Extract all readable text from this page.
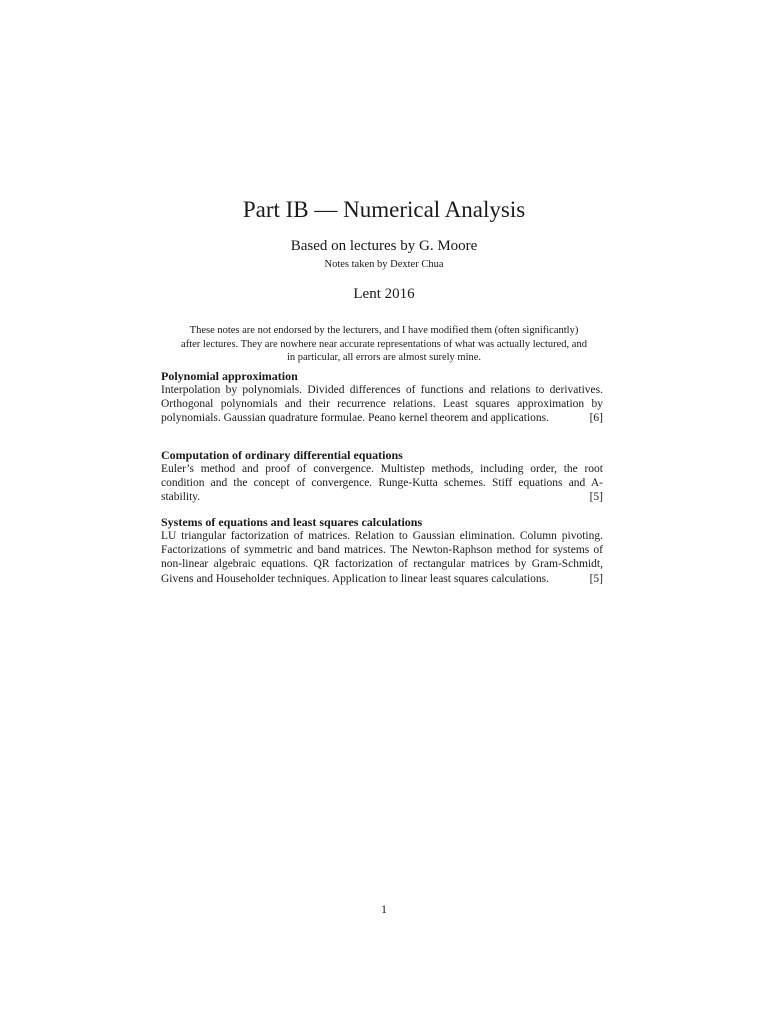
Part IB — Numerical Analysis
Based on lectures by G. Moore
Notes taken by Dexter Chua
Lent 2016
These notes are not endorsed by the lecturers, and I have modified them (often significantly) after lectures. They are nowhere near accurate representations of what was actually lectured, and in particular, all errors are almost surely mine.
Polynomial approximation

Interpolation by polynomials. Divided differences of functions and relations to derivatives. Orthogonal polynomials and their recurrence relations. Least squares approximation by polynomials. Gaussian quadrature formulae. Peano kernel theorem and applications.	[6]

Computation of ordinary differential equations

Euler’s method and proof of convergence. Multistep methods, including order, the root condition and the concept of convergence. Runge-Kutta schemes. Stiff equations and A-stability.	[5]

Systems of equations and least squares calculations

LU triangular factorization of matrices. Relation to Gaussian elimination. Column pivoting. Factorizations of symmetric and band matrices. The Newton-Raphson method for systems of non-linear algebraic equations. QR factorization of rectangular matrices by Gram-Schmidt, Givens and Householder techniques. Application to linear least squares calculations.	[5]

1
